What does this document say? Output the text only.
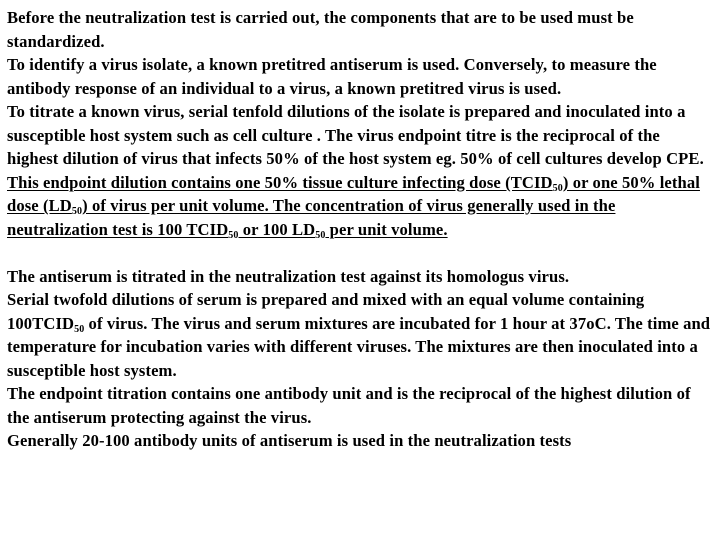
Before the neutralization test is carried out, the components that are to be used must be standardized.

To identify a virus isolate, a known pretitred antiserum is used. Conversely, to measure the antibody response of an individual to a virus, a known pretitred virus is used.

To titrate a known virus, serial tenfold dilutions of the isolate is prepared and inoculated into a susceptible host system such as cell culture . The virus endpoint titre is the reciprocal of the highest dilution of virus that infects 50% of the host system eg. 50% of cell cultures develop CPE.

This endpoint dilution contains one 50% tissue culture infecting dose $(TCID_{50})$ or one 50% lethal dose $(LD_{50})$ of virus per unit volume. The concentration of virus generally used in the neutralization test is 100 $TCID_{50}$ or 100 $LD_{50}$ per unit volume.

The antiserum is titrated in the neutralization test against its homologus virus.

Serial twofold dilutions of serum is prepared and mixed with an equal volume containing $100TCID_{50}$ of virus. The virus and serum mixtures are incubated for 1 hour at 37oC. The time and temperature for incubation varies with different viruses. The mixtures are then inoculated into a susceptible host system.

The endpoint titration contains one antibody unit and is the reciprocal of the highest dilution of the antiserum protecting against the virus.

Generally 20-100 antibody units of antiserum is used in the neutralization tests
